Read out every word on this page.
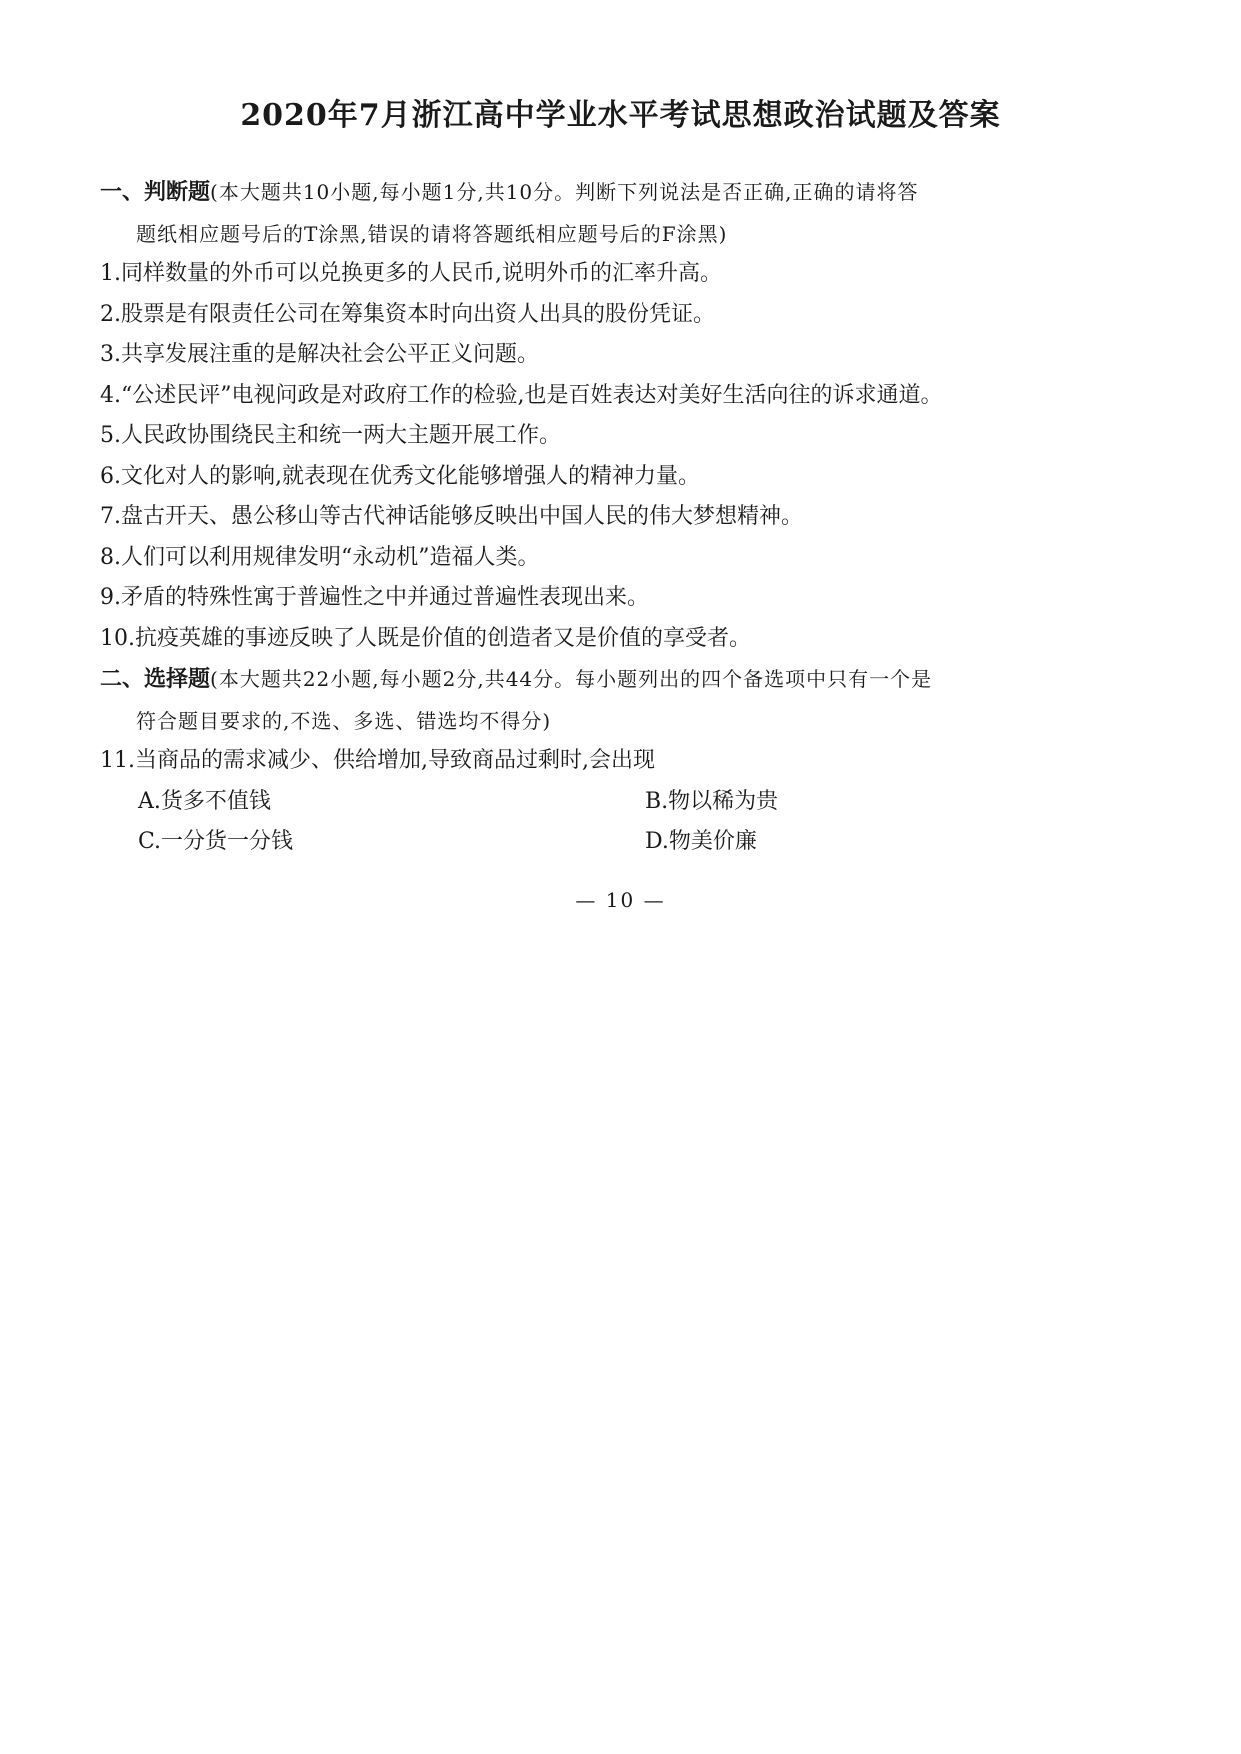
2020年7月浙江高中学业水平考试思想政治试题及答案
一、判断题(本大题共10小题,每小题1分,共10分。判断下列说法是否正确,正确的请将答
题纸相应题号后的T涂黑,错误的请将答题纸相应题号后的F涂黑)
1.同样数量的外币可以兑换更多的人民币,说明外币的汇率升高。
2.股票是有限责任公司在筹集资本时向出资人出具的股份凭证。
3.共享发展注重的是解决社会公平正义问题。
4.“公述民评”电视问政是对政府工作的检验,也是百姓表达对美好生活向往的诉求通道。
5.人民政协围绕民主和统一两大主题开展工作。
6.文化对人的影响,就表现在优秀文化能够增强人的精神力量。
7.盘古开天、愚公移山等古代神话能够反映出中国人民的伟大梦想精神。
8.人们可以利用规律发明“永动机”造福人类。
9.矛盾的特殊性寓于普遍性之中并通过普遍性表现出来。
10.抗疫英雄的事迹反映了人既是价值的创造者又是价值的享受者。
二、选择题(本大题共22小题,每小题2分,共44分。每小题列出的四个备选项中只有一个是
符合题目要求的,不选、多选、错选均不得分)
11.当商品的需求减少、供给增加,导致商品过剩时,会出现
A.货多不值钱	B.物以稀为贵
C.一分货一分钱	D.物美价廉
— 10 —
